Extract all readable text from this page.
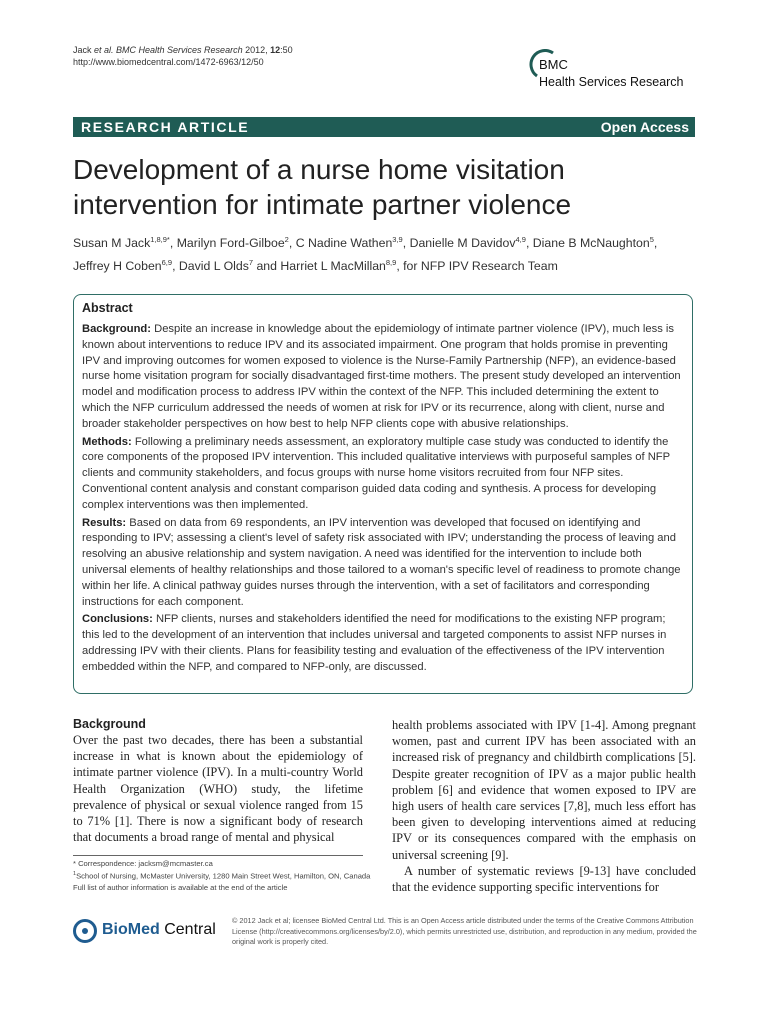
Jack et al. BMC Health Services Research 2012, 12:50
http://www.biomedcentral.com/1472-6963/12/50	BMC
Health Services Research
RESEARCH ARTICLE	Open Access
Development of a nurse home visitation intervention for intimate partner violence
Susan M Jack$^{1,8,9*}$, Marilyn Ford-Gilboe$^2$, C Nadine Wathen$^{3,9}$, Danielle M Davidov$^{4,9}$, Diane B McNaughton$^5$,
Jeffrey H Coben$^{6,9}$, David L Olds$^7$ and Harriet L MacMillan$^{8,9}$, for NFP IPV Research Team
Abstract

Background: Despite an increase in knowledge about the epidemiology of intimate partner violence (IPV), much less is known about interventions to reduce IPV and its associated impairment. One program that holds promise in preventing IPV and improving outcomes for women exposed to violence is the Nurse-Family Partnership (NFP), an evidence-based nurse home visitation program for socially disadvantaged first-time mothers. The present study developed an intervention model and modification process to address IPV within the context of the NFP. This included determining the extent to which the NFP curriculum addressed the needs of women at risk for IPV or its recurrence, along with client, nurse and broader stakeholder perspectives on how best to help NFP clients cope with abusive relationships.

Methods: Following a preliminary needs assessment, an exploratory multiple case study was conducted to identify the core components of the proposed IPV intervention. This included qualitative interviews with purposeful samples of NFP clients and community stakeholders, and focus groups with nurse home visitors recruited from four NFP sites. Conventional content analysis and constant comparison guided data coding and synthesis. A process for developing complex interventions was then implemented.

Results: Based on data from 69 respondents, an IPV intervention was developed that focused on identifying and responding to IPV; assessing a client's level of safety risk associated with IPV; understanding the process of leaving and resolving an abusive relationship and system navigation. A need was identified for the intervention to include both universal elements of healthy relationships and those tailored to a woman's specific level of readiness to promote change within her life. A clinical pathway guides nurses through the intervention, with a set of facilitators and corresponding instructions for each component.

Conclusions: NFP clients, nurses and stakeholders identified the need for modifications to the existing NFP program; this led to the development of an intervention that includes universal and targeted components to assist NFP nurses in addressing IPV with their clients. Plans for feasibility testing and evaluation of the effectiveness of the IPV intervention embedded within the NFP, and compared to NFP-only, are discussed.

Background

Over the past two decades, there has been a substantial increase in what is known about the epidemiology of intimate partner violence (IPV). In a multi-country World Health Organization (WHO) study, the lifetime prevalence of physical or sexual violence ranged from 15 to 71% [1]. There is now a significant body of research that documents a broad range of mental and physical

health problems associated with IPV [1-4]. Among pregnant women, past and current IPV has been associated with an increased risk of pregnancy and childbirth complications [5]. Despite greater recognition of IPV as a major public health problem [6] and evidence that women exposed to IPV are high users of health care services [7,8], much less effort has been given to developing interventions aimed at reducing IPV or its consequences compared with the emphasis on universal screening [9].

A number of systematic reviews [9-13] have concluded that the evidence supporting specific interventions for

* Correspondence: jacksm@mcmaster.ca
$^1$School of Nursing, McMaster University, 1280 Main Street West, Hamilton, ON, Canada
Full list of author information is available at the end of the article
BioMed Central
© 2012 Jack et al; licensee BioMed Central Ltd. This is an Open Access article distributed under the terms of the Creative Commons Attribution License (http://creativecommons.org/licenses/by/2.0), which permits unrestricted use, distribution, and reproduction in any medium, provided the original work is properly cited.
